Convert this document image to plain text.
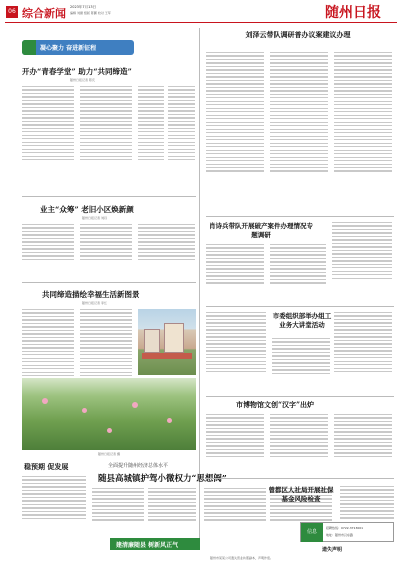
06 综合新闻 2023年7月13日
编辑 刘薇 组版 陈鹏 校对 王军	随州日报
凝心聚力 奋进新征程
开办“青春学堂” 助力“共同缔造”
随州日报记者 陈庆
业主“众筹” 老旧小区焕新颜
随州日报记者 刘丹
共同缔造描绘幸福生活新图景
随州日报记者 李红
随州日报记者 摄
稳预期 促发展	全面提升随州经济总体水平
随县高城镇护驾小微权力“思想阀”
建清廉随县 树新风正气
刘泽云带队调研普办议案建议办理
肖诗兵带队开展破产案件办理情况专题调研
市委组织部举办组工业务大讲堂活动
市博物馆文创“汉字”出炉
曾都区人社局开展社保基金风险检查
信息
招聘热线：0722-3713001
地址：随州市汉东路
遗失声明
随州市某某公司遗失营业执照副本，声明作废。
